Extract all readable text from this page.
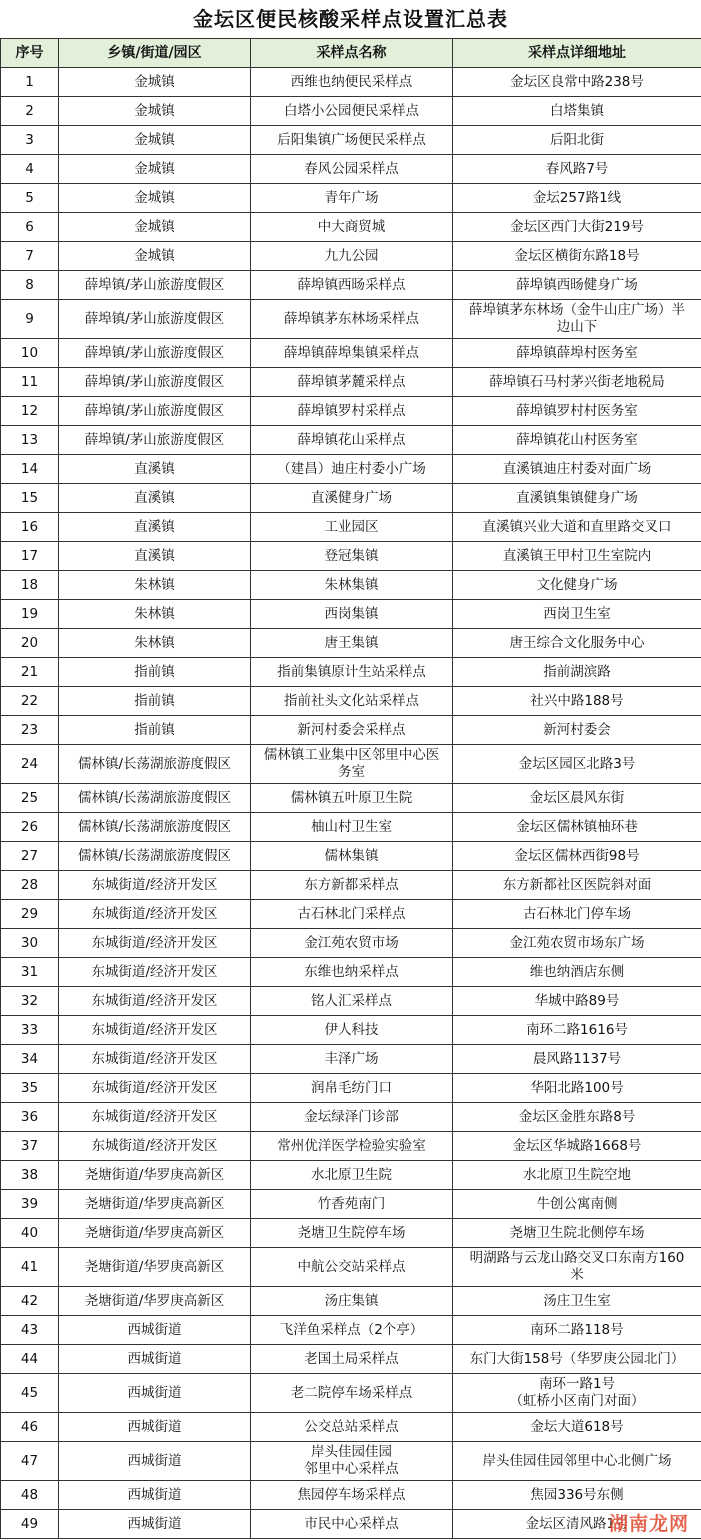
金坛区便民核酸采样点设置汇总表
序号	乡镇/街道/园区	采样点名称	采样点详细地址
1	金城镇	西维也纳便民采样点	金坛区良常中路238号
2	金城镇	白塔小公园便民采样点	白塔集镇
3	金城镇	后阳集镇广场便民采样点	后阳北街
4	金城镇	春风公园采样点	春风路7号
5	金城镇	青年广场	金坛257路1线
6	金城镇	中大商贸城	金坛区西门大街219号
7	金城镇	九九公园	金坛区横街东路18号
8	薛埠镇/茅山旅游度假区	薛埠镇西旸采样点	薛埠镇西旸健身广场
9	薛埠镇/茅山旅游度假区	薛埠镇茅东林场采样点	薛埠镇茅东林场（金牛山庄广场）半
边山下
10	薛埠镇/茅山旅游度假区	薛埠镇薛埠集镇采样点	薛埠镇薛埠村医务室
11	薛埠镇/茅山旅游度假区	薛埠镇茅麓采样点	薛埠镇石马村茅兴街老地税局
12	薛埠镇/茅山旅游度假区	薛埠镇罗村采样点	薛埠镇罗村村医务室
13	薛埠镇/茅山旅游度假区	薛埠镇花山采样点	薛埠镇花山村医务室
14	直溪镇	（建昌）迪庄村委小广场	直溪镇迪庄村委对面广场
15	直溪镇	直溪健身广场	直溪镇集镇健身广场
16	直溪镇	工业园区	直溪镇兴业大道和直里路交叉口
17	直溪镇	登冠集镇	直溪镇王甲村卫生室院内
18	朱林镇	朱林集镇	文化健身广场
19	朱林镇	西岗集镇	西岗卫生室
20	朱林镇	唐王集镇	唐王综合文化服务中心
21	指前镇	指前集镇原计生站采样点	指前湖滨路
22	指前镇	指前社头文化站采样点	社兴中路188号
23	指前镇	新河村委会采样点	新河村委会
24	儒林镇/长荡湖旅游度假区	儒林镇工业集中区邻里中心医
务室	金坛区园区北路3号
25	儒林镇/长荡湖旅游度假区	儒林镇五叶原卫生院	金坛区晨风东街
26	儒林镇/长荡湖旅游度假区	柚山村卫生室	金坛区儒林镇柚环巷
27	儒林镇/长荡湖旅游度假区	儒林集镇	金坛区儒林西街98号
28	东城街道/经济开发区	东方新都采样点	东方新都社区医院斜对面
29	东城街道/经济开发区	古石林北门采样点	古石林北门停车场
30	东城街道/经济开发区	金江苑农贸市场	金江苑农贸市场东广场
31	东城街道/经济开发区	东维也纳采样点	维也纳酒店东侧
32	东城街道/经济开发区	铭人汇采样点	华城中路89号
33	东城街道/经济开发区	伊人科技	南环二路1616号
34	东城街道/经济开发区	丰泽广场	晨风路1137号
35	东城街道/经济开发区	润帛毛纺门口	华阳北路100号
36	东城街道/经济开发区	金坛绿泽门诊部	金坛区金胜东路8号
37	东城街道/经济开发区	常州优洋医学检验实验室	金坛区华城路1668号
38	尧塘街道/华罗庚高新区	水北原卫生院	水北原卫生院空地
39	尧塘街道/华罗庚高新区	竹香苑南门	牛创公寓南侧
40	尧塘街道/华罗庚高新区	尧塘卫生院停车场	尧塘卫生院北侧停车场
41	尧塘街道/华罗庚高新区	中航公交站采样点	明湖路与云龙山路交叉口东南方160
米
42	尧塘街道/华罗庚高新区	汤庄集镇	汤庄卫生室
43	西城街道	飞洋鱼采样点（2个亭）	南环二路118号
44	西城街道	老国土局采样点	东门大街158号（华罗庚公园北门）
45	西城街道	老二院停车场采样点	南环一路1号
（虹桥小区南门对面）
46	西城街道	公交总站采样点	金坛大道618号
47	西城街道	岸头佳园佳园
邻里中心采样点	岸头佳园佳园邻里中心北侧广场
48	西城街道	焦园停车场采样点	焦园336号东侧
49	西城街道	市民中心采样点	金坛区清风路1号
湖南龙网
